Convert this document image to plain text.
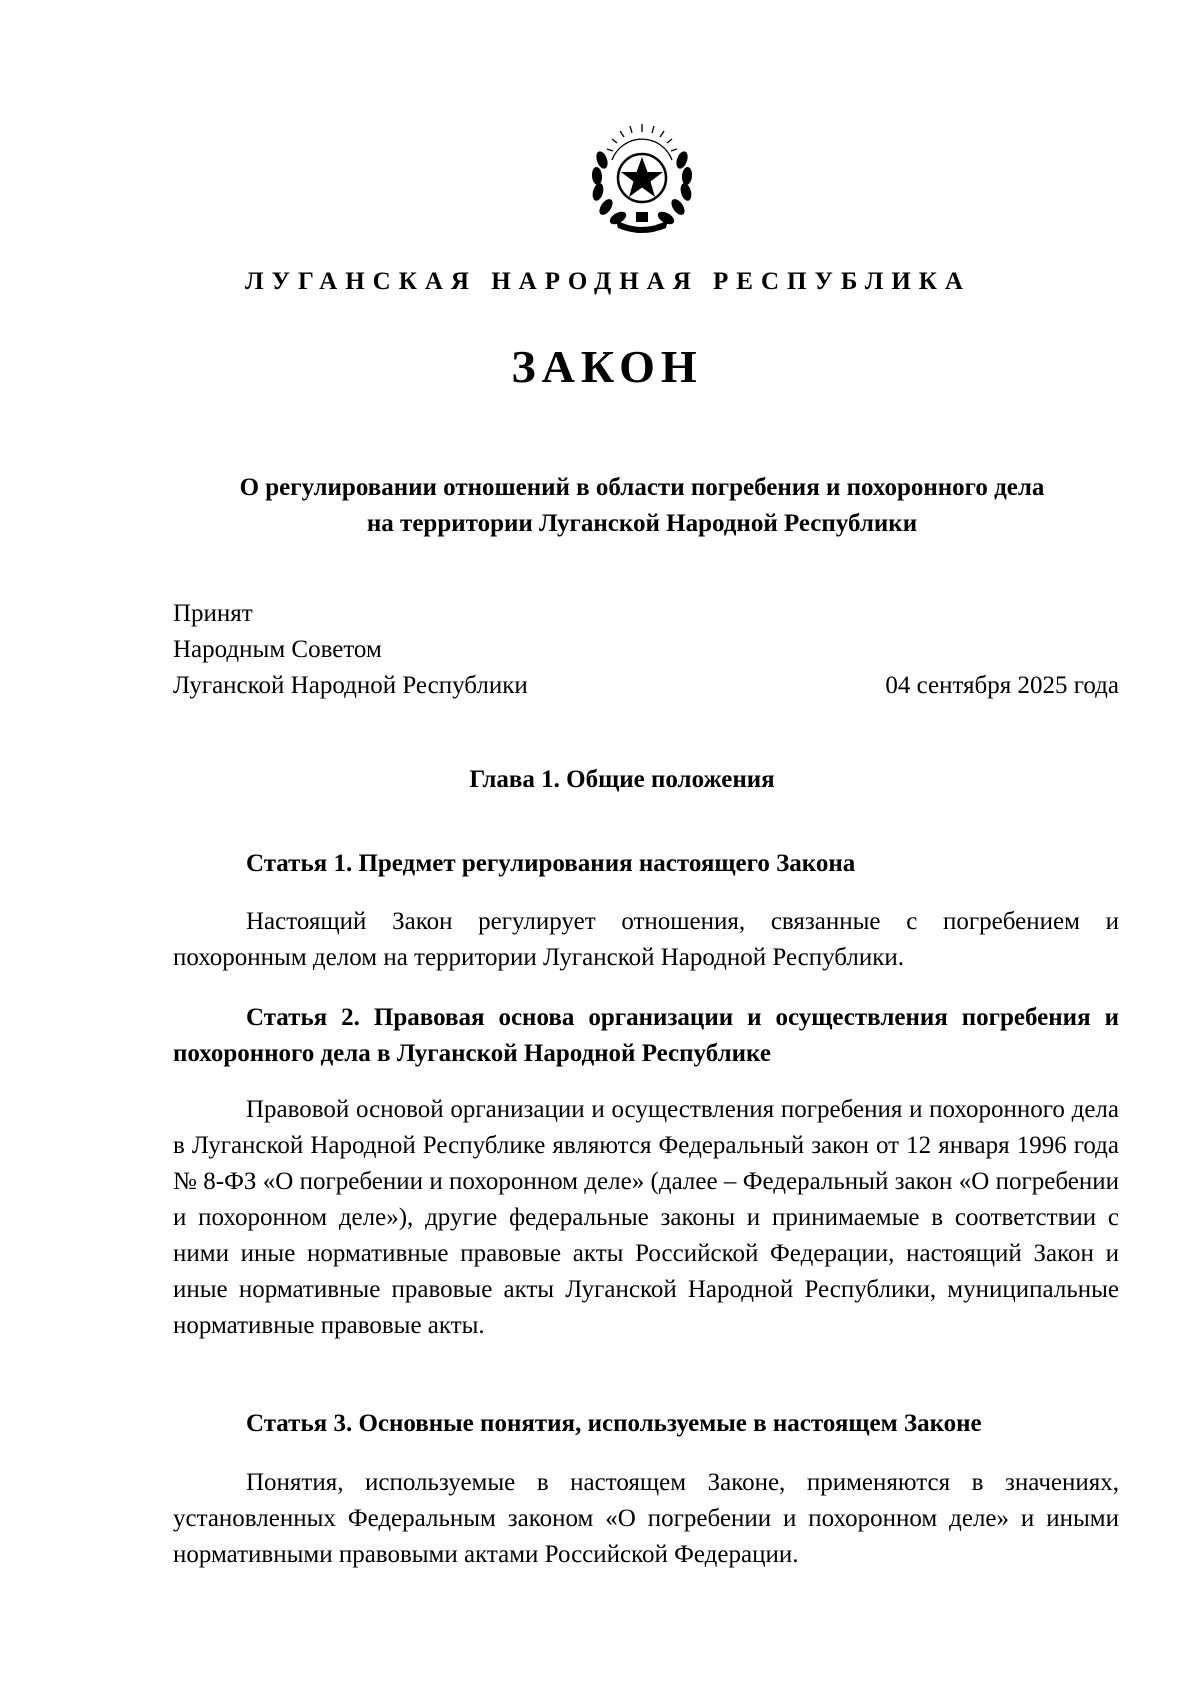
ЛУГАНСКАЯ НАРОДНАЯ РЕСПУБЛИКА
ЗАКОН
О регулировании отношений в области погребения и похоронного дела
на территории Луганской Народной Республики
Принят
Народным Советом
Луганской Народной Республики	04 сентября 2025 года
Глава 1. Общие положения
Статья 1. Предмет регулирования настоящего Закона
Настоящий Закон регулирует отношения, связанные с погребением и похоронным делом на территории Луганской Народной Республики.
Статья 2. Правовая основа организации и осуществления погребения и похоронного дела в Луганской Народной Республике
Правовой основой организации и осуществления погребения и похоронного дела в Луганской Народной Республике являются Федеральный закон от 12 января 1996 года № 8-ФЗ «О погребении и похоронном деле» (далее – Федеральный закон «О погребении и похоронном деле»), другие федеральные законы и принимаемые в соответствии с ними иные нормативные правовые акты Российской Федерации, настоящий Закон и иные нормативные правовые акты Луганской Народной Республики, муниципальные нормативные правовые акты.
Статья 3. Основные понятия, используемые в настоящем Законе
Понятия, используемые в настоящем Законе, применяются в значениях, установленных Федеральным законом «О погребении и похоронном деле» и иными нормативными правовыми актами Российской Федерации.
